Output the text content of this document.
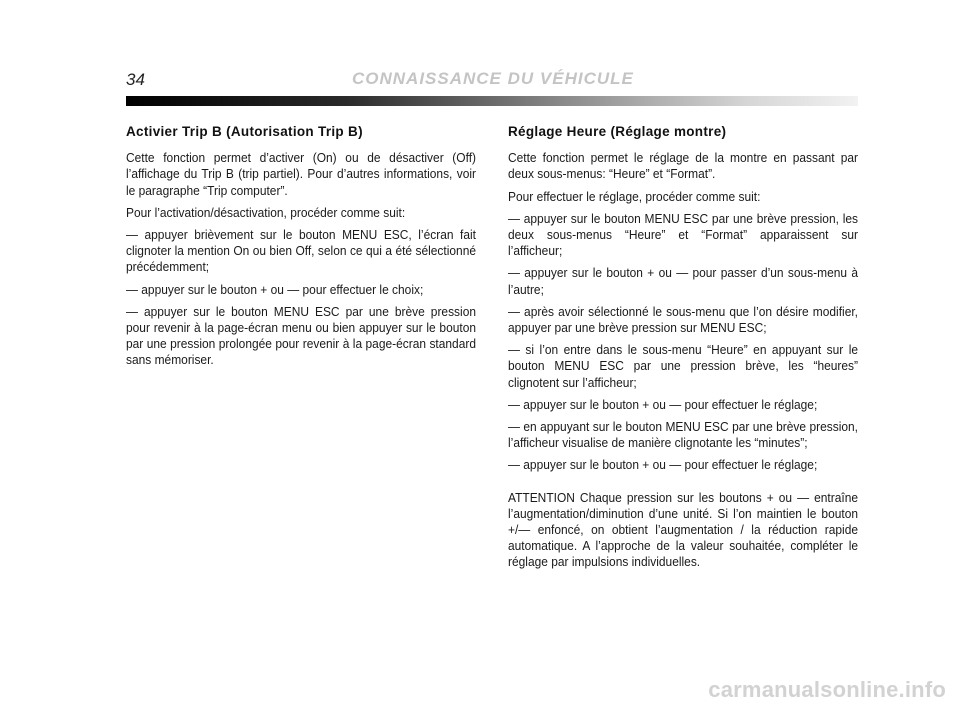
34	CONNAISSANCE DU VÉHICULE
Activier Trip B (Autorisation Trip B)

Cette fonction permet d’activer (On) ou de désactiver (Off) l’affichage du Trip B (trip partiel). Pour d’autres informations, voir le paragraphe “Trip computer”.

Pour l’activation/désactivation, procéder comme suit:

— appuyer brièvement sur le bouton MENU ESC, l’écran fait clignoter la mention On ou bien Off, selon ce qui a été sélectionné précédemment;

— appuyer sur le bouton + ou — pour effectuer le choix;

— appuyer sur le bouton MENU ESC par une brève pression pour revenir à la page-écran menu ou bien appuyer sur le bouton par une pression prolongée pour revenir à la page-écran standard sans mémoriser.

Réglage Heure (Réglage montre)

Cette fonction permet le réglage de la montre en passant par deux sous-menus: “Heure” et “Format”.

Pour effectuer le réglage, procéder comme suit:

— appuyer sur le bouton MENU ESC par une brève pression, les deux sous-menus “Heure” et “Format” apparaissent sur l’afficheur;

— appuyer sur le bouton + ou — pour passer d’un sous-menu à l’autre;

— après avoir sélectionné le sous-menu que l’on désire modifier, appuyer par une brève pression sur MENU ESC;

— si l’on entre dans le sous-menu “Heure” en appuyant sur le bouton MENU ESC par une pression brève, les “heures” clignotent sur l’afficheur;

— appuyer sur le bouton + ou — pour effectuer le réglage;

— en appuyant sur le bouton MENU ESC par une brève pression, l’afficheur visualise de manière clignotante les “minutes”;

— appuyer sur le bouton + ou — pour effectuer le réglage;

ATTENTION Chaque pression sur les boutons + ou — entraîne l’augmentation/diminution d’une unité. Si l’on maintien le bouton +/— enfoncé, on obtient l’augmentation / la réduction rapide automatique. A l’approche de la valeur souhaitée, compléter le réglage par impulsions individuelles.

carmanualsonline.info
